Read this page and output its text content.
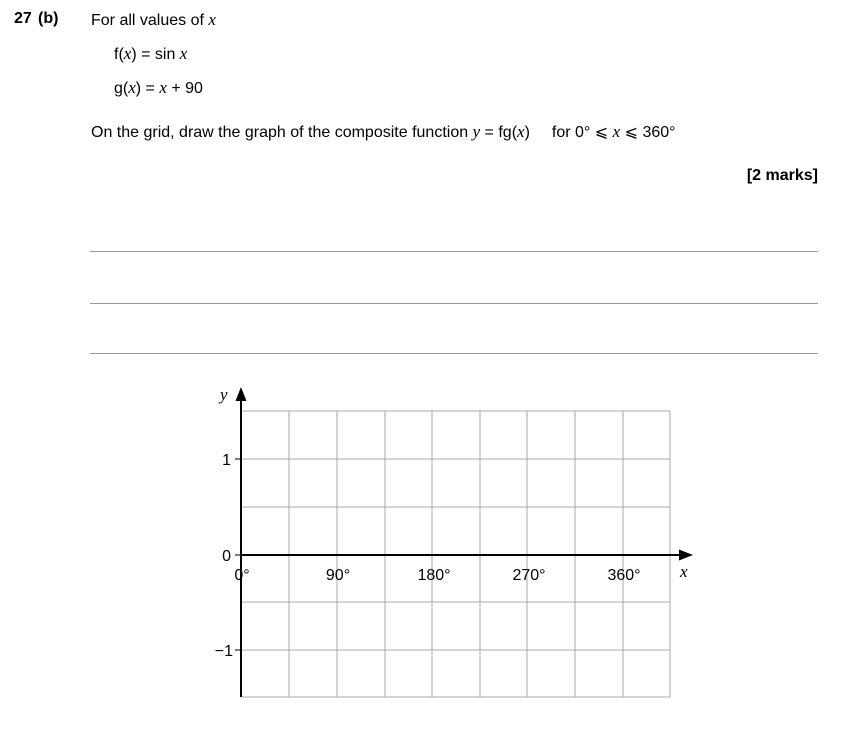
27 (b) For all values of x
f(x) = sin x
g(x) = x + 90
On the grid, draw the graph of the composite function y = fg(x) for 0° ⩽ x ⩽ 360°
[2 marks]
y
x
1
0
−1
0°	90°	180°	270°	360°
